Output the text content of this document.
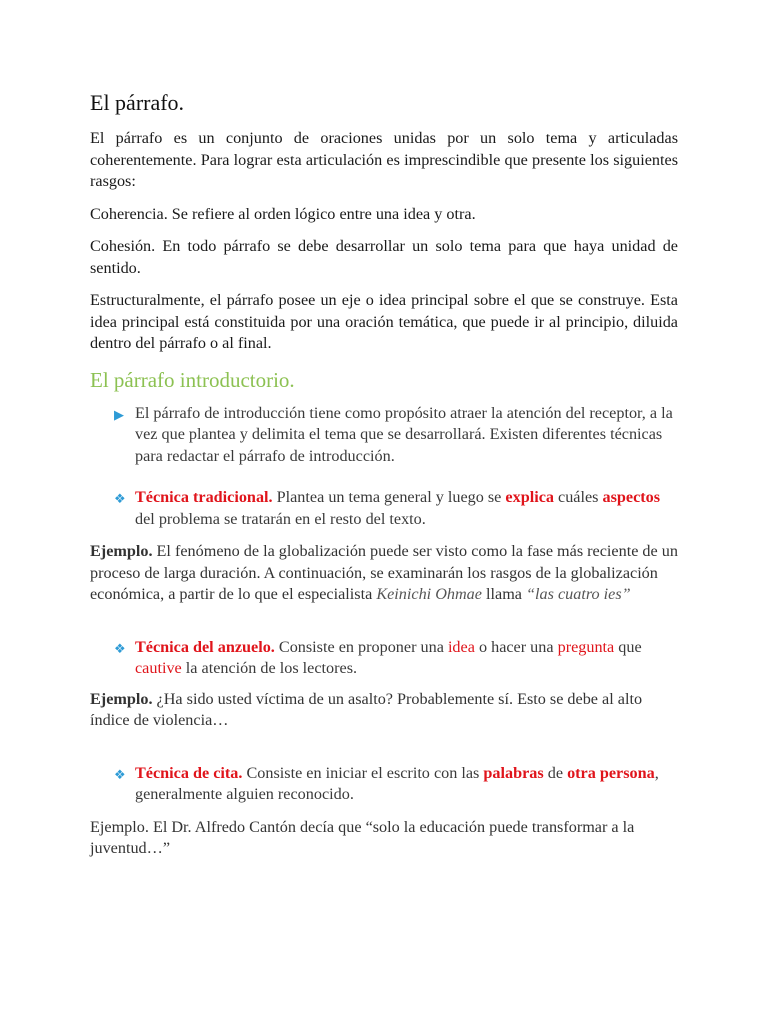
El párrafo.

El párrafo es un conjunto de oraciones unidas por un solo tema y articuladas coherentemente. Para lograr esta articulación es imprescindible que presente los siguientes rasgos:

Coherencia. Se refiere al orden lógico entre una idea y otra.

Cohesión. En todo párrafo se debe desarrollar un solo tema para que haya unidad de sentido.

Estructuralmente, el párrafo posee un eje o idea principal sobre el que se construye. Esta idea principal está constituida por una oración temática, que puede ir al principio, diluida dentro del párrafo o al final.

El párrafo introductorio.
▶ El párrafo de introducción tiene como propósito atraer la atención del receptor, a la vez que plantea y delimita el tema que se desarrollará. Existen diferentes técnicas para redactar el párrafo de introducción.
❖ Técnica tradicional. Plantea un tema general y luego se explica cuáles aspectos del problema se tratarán en el resto del texto.

Ejemplo. El fenómeno de la globalización puede ser visto como la fase más reciente de un proceso de larga duración. A continuación, se examinarán los rasgos de la globalización económica, a partir de lo que el especialista Keinichi Ohmae llama “las cuatro ies”

❖ Técnica del anzuelo. Consiste en proponer una idea o hacer una pregunta que cautive la atención de los lectores.

Ejemplo. ¿Ha sido usted víctima de un asalto? Probablemente sí. Esto se debe al alto índice de violencia…

❖ Técnica de cita. Consiste en iniciar el escrito con las palabras de otra persona, generalmente alguien reconocido.

Ejemplo. El Dr. Alfredo Cantón decía que “solo la educación puede transformar a la juventud…”
